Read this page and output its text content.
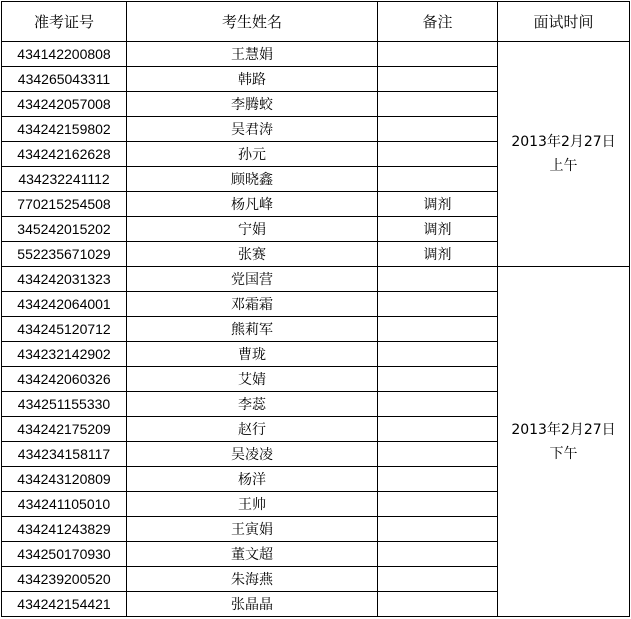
准考证号	考生姓名	备注	面试时间
434142200808	王慧娟		2013年2月27日
上午

434265043311	韩路		
434242057008	李腾蛟		
434242159802	吴君涛		
434242162628	孙元		
434232241112	顾晓鑫		
770215254508	杨凡峰	调剂	
345242015202	宁娟	调剂	
552235671029	张赛	调剂	
434242031323	党国营		2013年2月27日
下午

434242064001	邓霜霜		
434245120712	熊莉军		
434232142902	曹珑		
434242060326	艾婧		
434251155330	李蕊		
434242175209	赵行		
434234158117	吴凌凌		
434243120809	杨洋		
434241105010	王帅		
434241243829	王寅娟		
434250170930	董文超		
434239200520	朱海燕		
434242154421	张晶晶		
